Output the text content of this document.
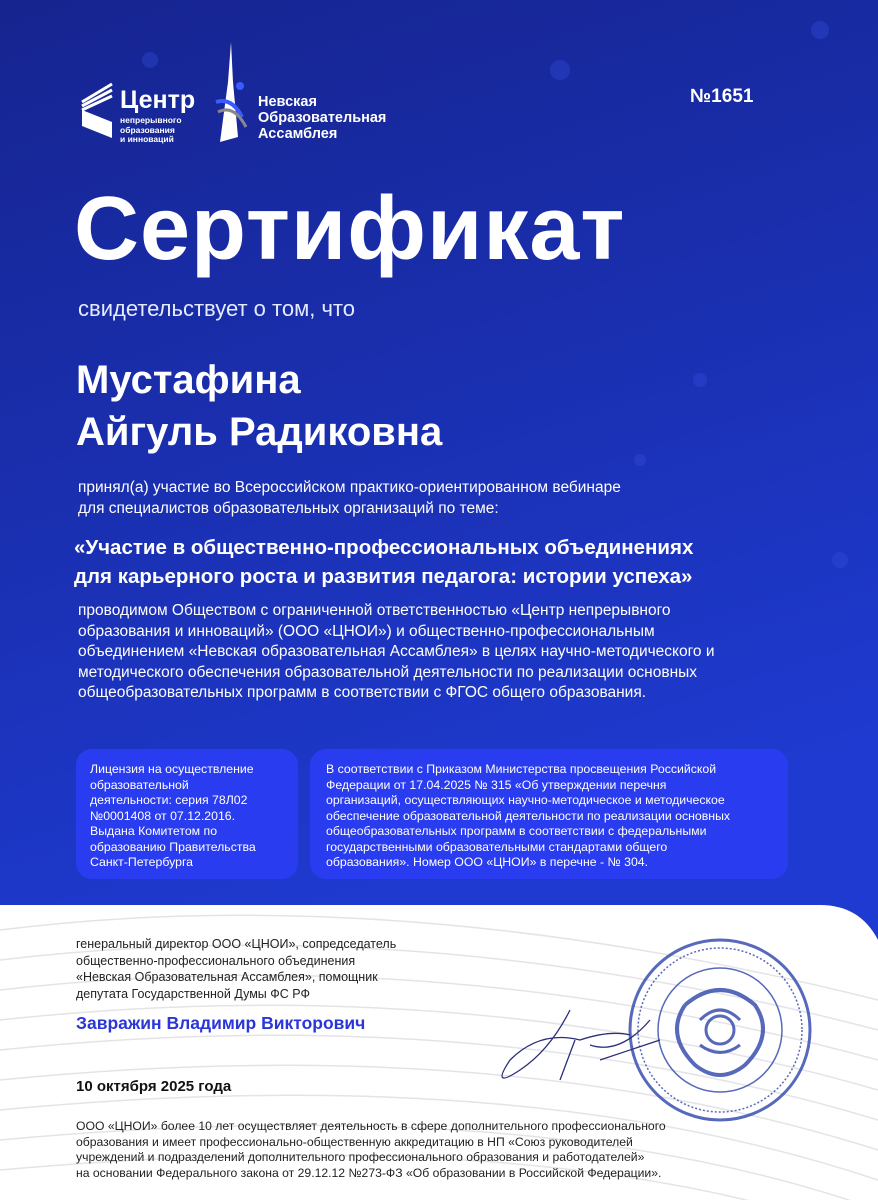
Центр
непрерывного
образования
и инноваций
Невская
Образовательная
Ассамблея
№1651
Сертификат
свидетельствует о том, что
Мустафина
Айгуль Радиковна
принял(а) участие во Всероссийском практико-ориентированном вебинаре
для специалистов образовательных организаций по теме:
«Участие в общественно-профессиональных объединениях
для карьерного роста и развития педагога: истории успеха»
проводимом Обществом с ограниченной ответственностью «Центр непрерывного
образования и инноваций» (ООО «ЦНОИ») и общественно-профессиональным
объединением «Невская образовательная Ассамблея» в целях научно-методического и
методического обеспечения образовательной деятельности по реализации основных
общеобразовательных программ в соответствии с ФГОС общего образования.
Лицензия на осуществление
образовательной
деятельности: серия 78Л02
№0001408 от 07.12.2016.
Выдана Комитетом по
образованию Правительства
Санкт-Петербурга
В соответствии с Приказом Министерства просвещения Российской
Федерации от 17.04.2025 № 315 «Об утверждении перечня
организаций, осуществляющих научно-методическое и методическое
обеспечение образовательной деятельности по реализации основных
общеобразовательных программ в соответствии с федеральными
государственными образовательными стандартами общего
образования». Номер ООО «ЦНОИ» в перечне - № 304.
генеральный директор ООО «ЦНОИ», сопредседатель
общественно-профессионального объединения
«Невская Образовательная Ассамблея», помощник
депутата Государственной Думы ФС РФ
Завражин Владимир Викторович
10 октября 2025 года
ООО «ЦНОИ» более 10 лет осуществляет деятельность в сфере дополнительного профессионального
образования и имеет профессионально-общественную аккредитацию в НП «Союз руководителей
учреждений и подразделений дополнительного профессионального образования и работодателей»
на основании Федерального закона от 29.12.12 №273-ФЗ «Об образовании в Российской Федерации».
